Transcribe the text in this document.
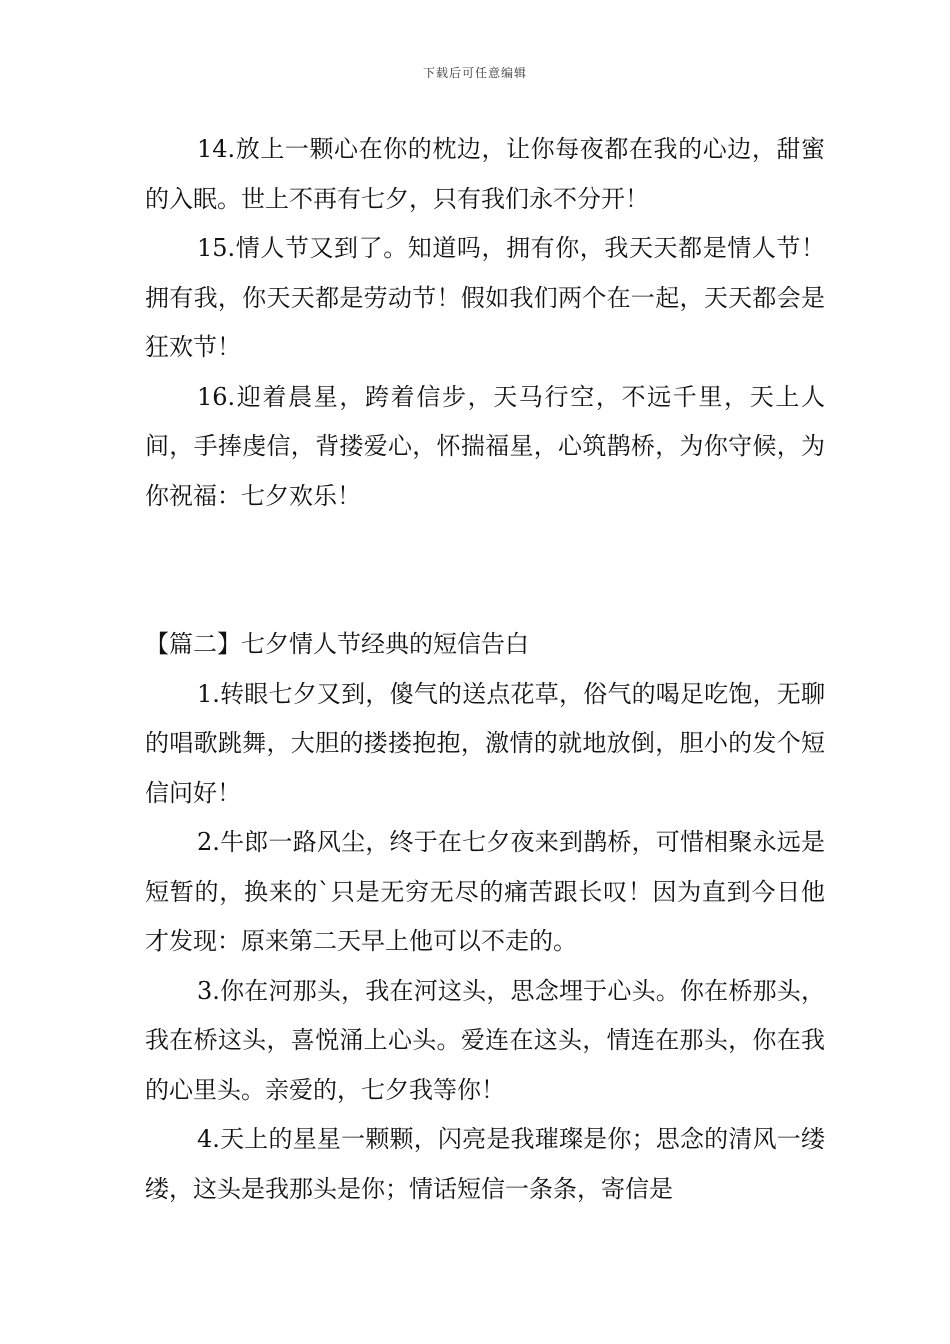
下载后可任意编辑

14.放上一颗心在你的枕边，让你每夜都在我的心边，甜蜜的入眠。世上不再有七夕，只有我们永不分开！

15.情人节又到了。知道吗，拥有你，我天天都是情人节！拥有我，你天天都是劳动节！假如我们两个在一起，天天都会是狂欢节！

16.迎着晨星，跨着信步，天马行空，不远千里，天上人间，手捧虔信，背搂爱心，怀揣福星，心筑鹊桥，为你守候，为你祝福：七夕欢乐！

【篇二】七夕情人节经典的短信告白

1.转眼七夕又到，傻气的送点花草，俗气的喝足吃饱，无聊的唱歌跳舞，大胆的搂搂抱抱，激情的就地放倒，胆小的发个短信问好！

2.牛郎一路风尘，终于在七夕夜来到鹊桥，可惜相聚永远是短暂的，换来的`只是无穷无尽的痛苦跟长叹！因为直到今日他才发现：原来第二天早上他可以不走的。

3.你在河那头，我在河这头，思念埋于心头。你在桥那头，我在桥这头，喜悦涌上心头。爱连在这头，情连在那头，你在我的心里头。亲爱的，七夕我等你！

4.天上的星星一颗颗，闪亮是我璀璨是你；思念的清风一缕缕，这头是我那头是你；情话短信一条条，寄信是
